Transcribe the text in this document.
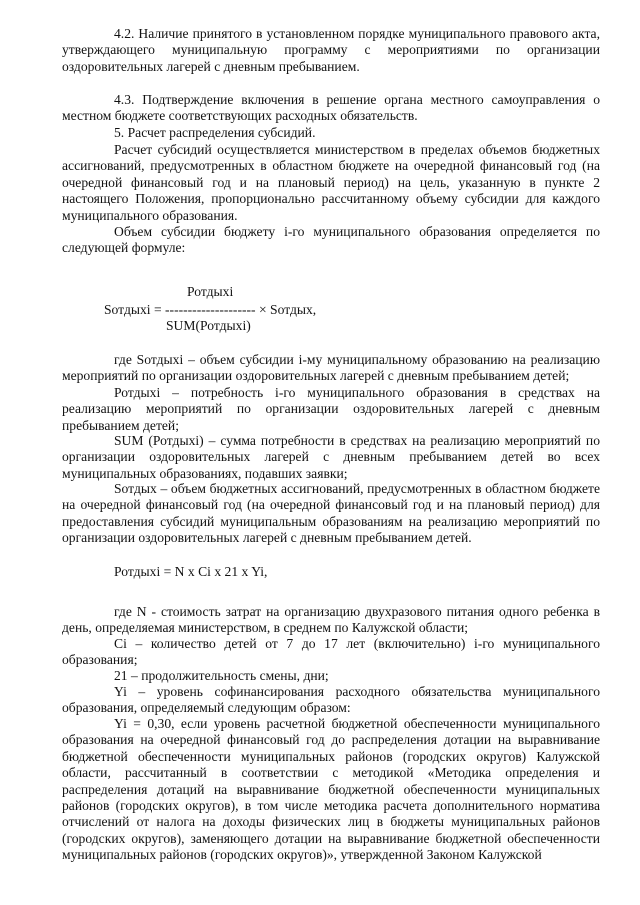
4.2. Наличие принятого в установленном порядке муниципального правового акта, утверждающего муниципальную программу с мероприятиями по организации оздоровительных лагерей с дневным пребыванием.

4.3. Подтверждение включения в решение органа местного самоуправления о местном бюджете соответствующих расходных обязательств.

5. Расчет распределения субсидий.

Расчет субсидий осуществляется министерством в пределах объемов бюджетных ассигнований, предусмотренных в областном бюджете на очередной финансовый год (на очередной финансовый год и на плановый период) на цель, указанную в пункте 2 настоящего Положения, пропорционально рассчитанному объему субсидии для каждого муниципального образования.

Объем субсидии бюджету i-го муниципального образования определяется по следующей формуле:

Ротдыхi

Sотдыхi = -------------------- × Sотдых,

SUM(Ротдыхi)

где Sотдыхi – объем субсидии i-му муниципальному образованию на реализацию мероприятий по организации оздоровительных лагерей с дневным пребыванием детей;

Ротдыхi – потребность i-го муниципального образования в средствах на реализацию мероприятий по организации оздоровительных лагерей с дневным пребыванием детей;

SUM (Ротдыхi) – сумма потребности в средствах на реализацию мероприятий по организации оздоровительных лагерей с дневным пребыванием детей во всех муниципальных образованиях, подавших заявки;

Sотдых – объем бюджетных ассигнований, предусмотренных в областном бюджете на очередной финансовый год (на очередной финансовый год и на плановый период) для предоставления субсидий муниципальным образованиям на реализацию мероприятий по организации оздоровительных лагерей с дневным пребыванием детей.

Ротдыхi = N x Ci x 21 x Yi,

где N - стоимость затрат на организацию двухразового питания одного ребенка в день, определяемая министерством, в среднем по Калужской области;

Ci – количество детей от 7 до 17 лет (включительно) i-го муниципального образования;

21 – продолжительность смены, дни;

Yi – уровень софинансирования расходного обязательства муниципального образования, определяемый следующим образом:

Yi = 0,30, если уровень расчетной бюджетной обеспеченности муниципального образования на очередной финансовый год до распределения дотации на выравнивание бюджетной обеспеченности муниципальных районов (городских округов) Калужской области, рассчитанный в соответствии с методикой «Методика определения и распределения дотаций на выравнивание бюджетной обеспеченности муниципальных районов (городских округов), в том числе методика расчета дополнительного норматива отчислений от налога на доходы физических лиц в бюджеты муниципальных районов (городских округов), заменяющего дотации на выравнивание бюджетной обеспеченности муниципальных районов (городских округов)», утвержденной Законом Калужской
